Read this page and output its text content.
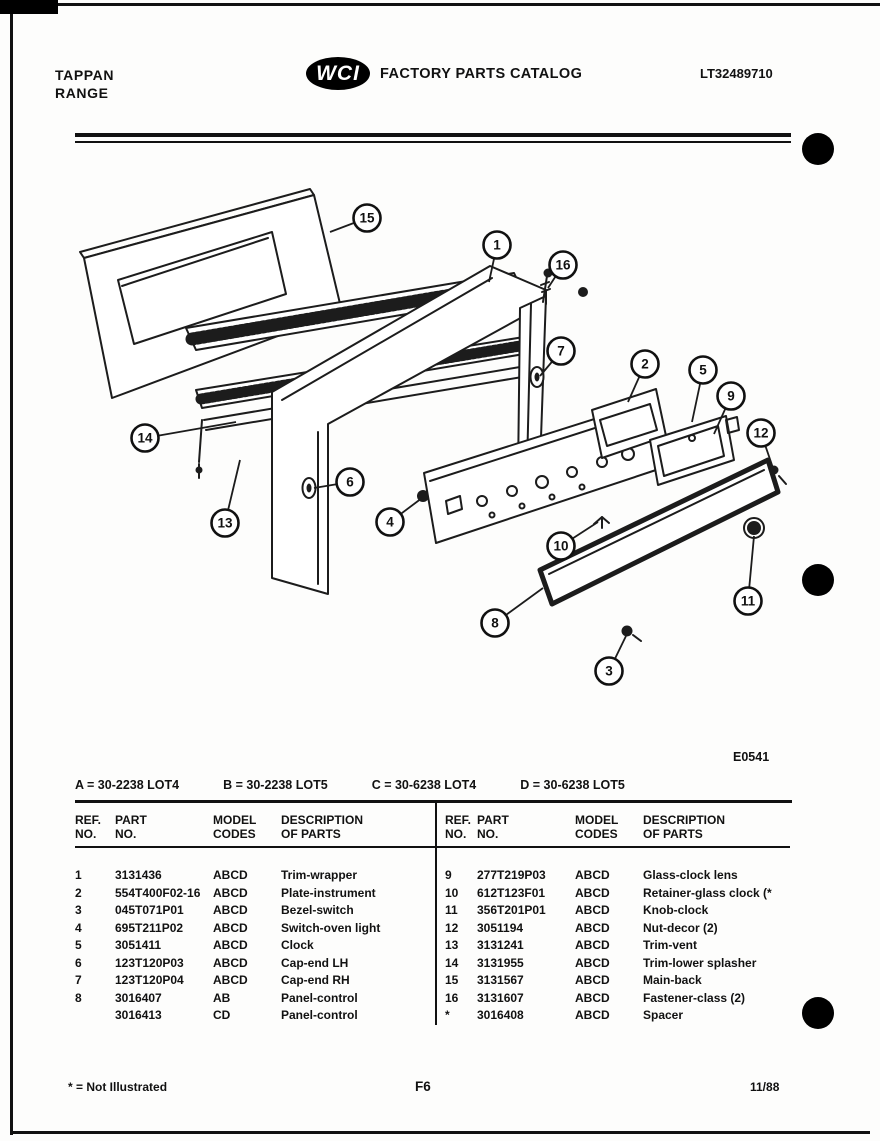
TAPPAN
RANGE
WCI FACTORY PARTS CATALOG	LT32489710
15
1
16
7
2	5
9
12
14
13
6
4
10
8
3
11
E0541
A = 30-2238 LOT4	B = 30-2238 LOT5	C = 30-6238 LOT4	D = 30-6238 LOT5
REF.
NO.

PART
NO.

MODEL
CODES

DESCRIPTION
OF PARTS

1	3131436	ABCD	Trim-wrapper
2	554T400F02-16	ABCD	Plate-instrument
3	045T071P01	ABCD	Bezel-switch
4	695T211P02	ABCD	Switch-oven light
5	3051411	ABCD	Clock
6	123T120P03	ABCD	Cap-end LH
7	123T120P04	ABCD	Cap-end RH
8	3016407	AB	Panel-control
	3016413	CD	Panel-control
REF.
NO.

PART
NO.

MODEL
CODES

DESCRIPTION
OF PARTS

9	277T219P03	ABCD	Glass-clock lens
10	612T123F01	ABCD	Retainer-glass clock (*
11	356T201P01	ABCD	Knob-clock
12	3051194	ABCD	Nut-decor (2)
13	3131241	ABCD	Trim-vent
14	3131955	ABCD	Trim-lower splasher
15	3131567	ABCD	Main-back
16	3131607	ABCD	Fastener-class (2)
*	3016408	ABCD	Spacer
* = Not Illustrated	F6	11/88
